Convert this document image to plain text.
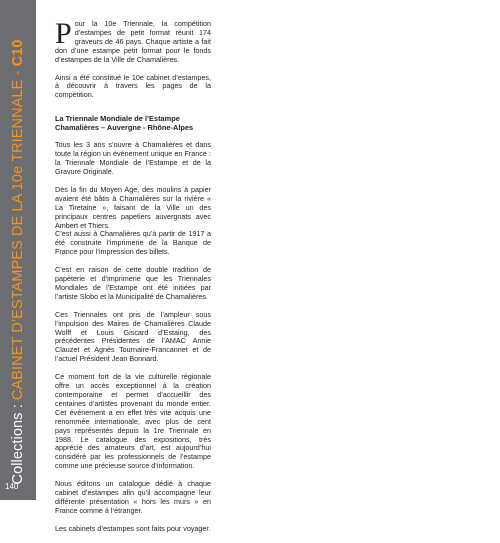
Collections : CABINET D’ESTAMPES DE LA 10e TRIENNALE - C10
140

Pour la 10e Triennale, la compétition d’estampes de petit format réunit 174 graveurs de 46 pays. Chaque artiste a fait don d’une estampe petit format pour le fonds d’estampes de la Ville de Chamalières.

Ainsi a été constitué le 10e cabinet d’estampes, à découvrir à travers les pages de la compétition.

La Triennale Mondiale de l’Estampe Chamalières – Auvergne - Rhône-Alpes

Tous les 3 ans s’ouvre à Chamalières et dans toute la région un événement unique en France : la Triennale Mondiale de l’Estampe et de la Gravure Originale.

Dès la fin du Moyen Age, des moulins à papier avaient été bâtis à Chamalières sur la rivière « La Tiretaine », faisant de la Ville un des principaux centres papetiers auvergnats avec Ambert et Thiers.

C’est aussi à Chamalières qu’à partir de 1917 a été construite l’imprimerie de la Banque de France pour l’impression des billets.

C’est en raison de cette double tradition de papèterie et d’imprimerie que les Triennales Mondiales de l’Estampe ont été initiées par l’artiste Slobo et la Municipalité de Chamalières.

Ces Triennales ont pris de l’ampleur sous l’impulsion des Maires de Chamalières Claude Wolff et Louis Giscard d’Estaing, des précédentes Présidentes de l’AMAC Annie Clauzet et Agnès Tournaire-Francannet et de l’actuel Président Jean Bonnard.

Ce moment fort de la vie culturelle régionale offre un accès exceptionnel à la création contemporaine et permet d’accueillir des centaines d’artistes provenant du monde entier. Cet événement a en effet très vite acquis une renommée internationale, avec plus de cent pays représentés depuis la 1re Triennale en 1988. Le catalogue des expositions, très apprécié des amateurs d’art, est aujourd’hui considéré par les professionnels de l’estampe comme une précieuse source d’information.

Nous éditons un catalogue dédié à chaque cabinet d’estampes afin qu’il accompagne leur différente présentation « hors les murs » en France comme à l’étranger.

Les cabinets d’estampes sont faits pour voyager.
